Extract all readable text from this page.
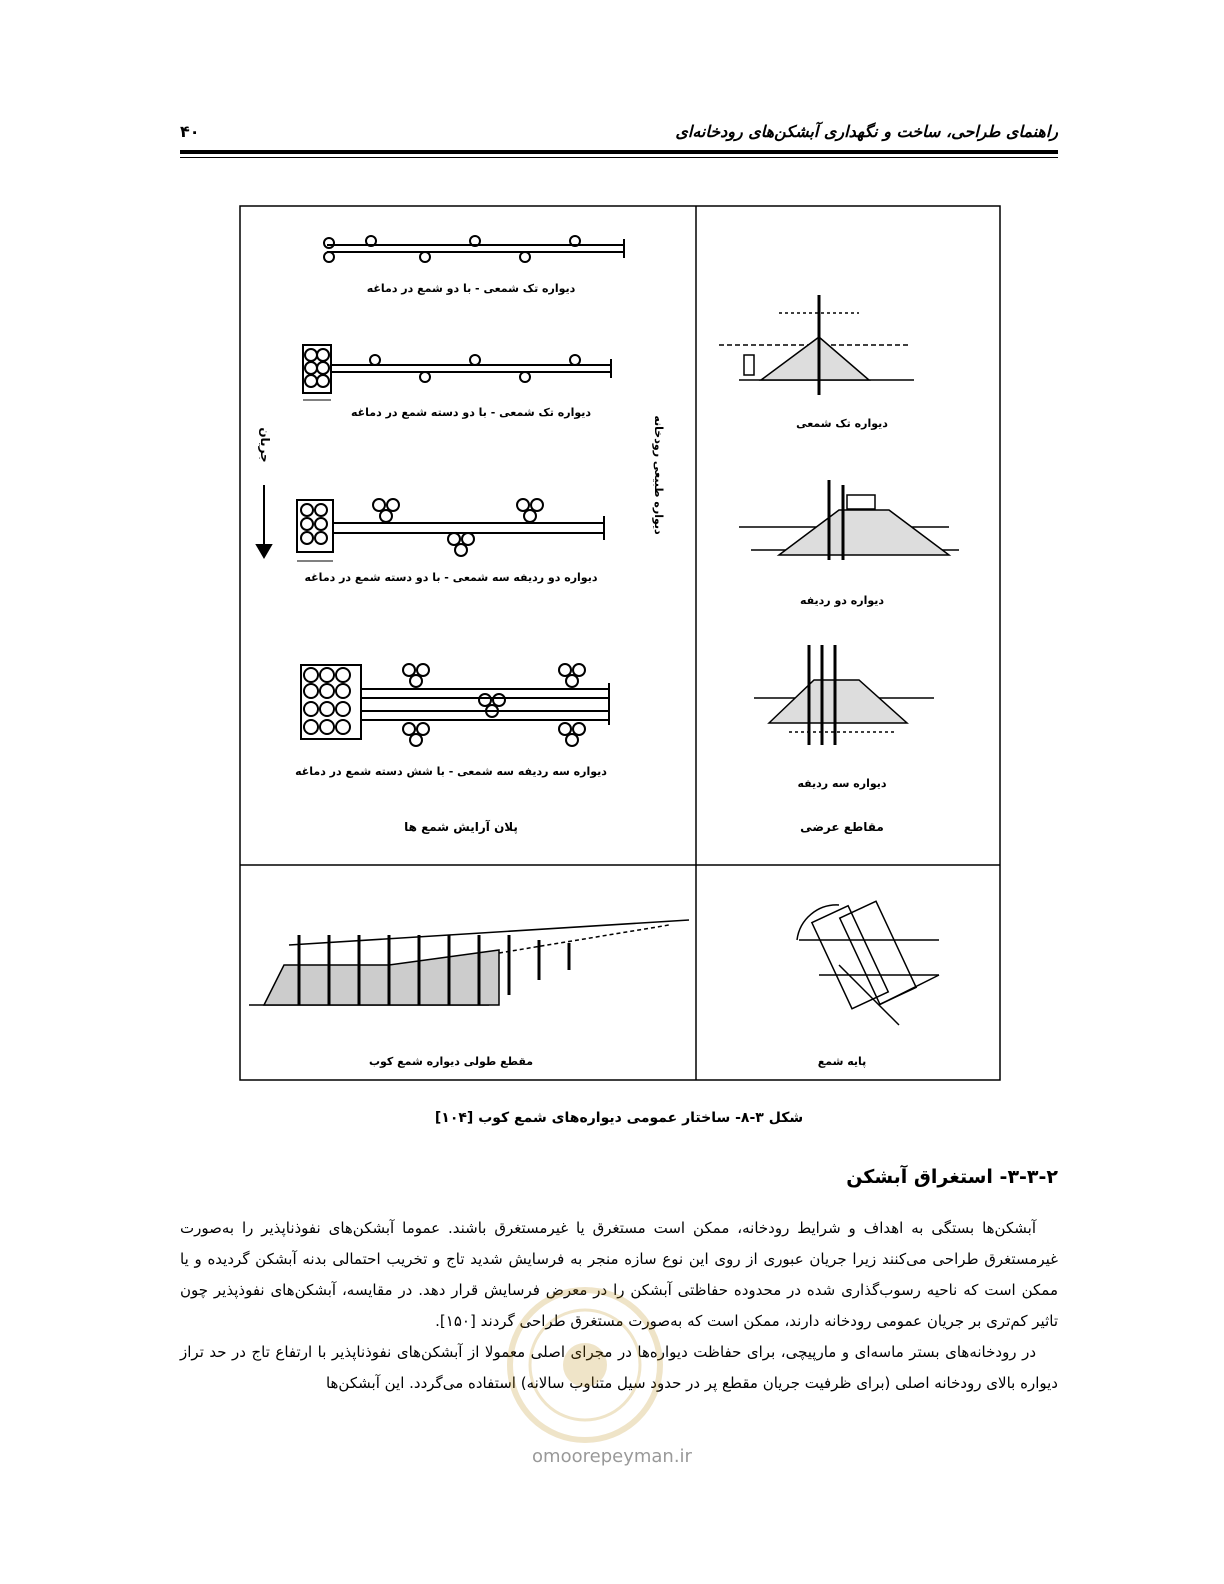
راهنمای طراحی، ساخت و نگهداری آبشکن‌های رودخانه‌ای
۴۰
دیواره تک شمعی - با دو شمع در دماغه
دیواره تک شمعی - با دو دسته شمع در دماغه
جریان	دیواره طبیعی رودخانه
دیواره دو ردیفه سه شمعی - با دو دسته شمع در دماغه
دیواره سه ردیفه سه شمعی - با شش دسته شمع در دماغه
پلان آرایش شمع ها
دیواره تک شمعی
دیواره دو ردیفه
دیواره سه ردیفه
مقاطع عرضی
مقطع طولی دیواره شمع کوب	پایه شمع
شکل ۳-۸- ساختار عمومی دیواره‌های شمع کوب [۱۰۴]
۳-۳-۲- استغراق آبشکن

آبشکن‌ها بستگی به اهداف و شرایط رودخانه، ممکن است مستغرق یا غیرمستغرق باشند. عموما آبشکن‌های نفوذناپذیر را به‌صورت غیرمستغرق طراحی می‌کنند زیرا جریان عبوری از روی این نوع سازه منجر به فرسایش شدید تاج و تخریب احتمالی بدنه آبشکن گردیده و یا ممکن است که ناحیه رسوب‌گذاری شده در محدوده حفاظتی آبشکن را در معرض فرسایش قرار دهد. در مقایسه، آبشکن‌های نفوذپذیر چون تاثیر کم‌تری بر جریان عمومی رودخانه دارند، ممکن است که به‌صورت مستغرق طراحی گردند [۱۵۰].

در رودخانه‌های بستر ماسه‌ای و مارپیچی، برای حفاظت دیواره‌ها در مجرای اصلی معمولا از آبشکن‌های نفوذناپذیر با ارتفاع تاج در حد تراز دیواره بالای رودخانه اصلی (برای ظرفیت جریان مقطع پر در حدود سیل متناوب سالانه) استفاده می‌گردد. این آبشکن‌ها

omoorepeyman.ir
